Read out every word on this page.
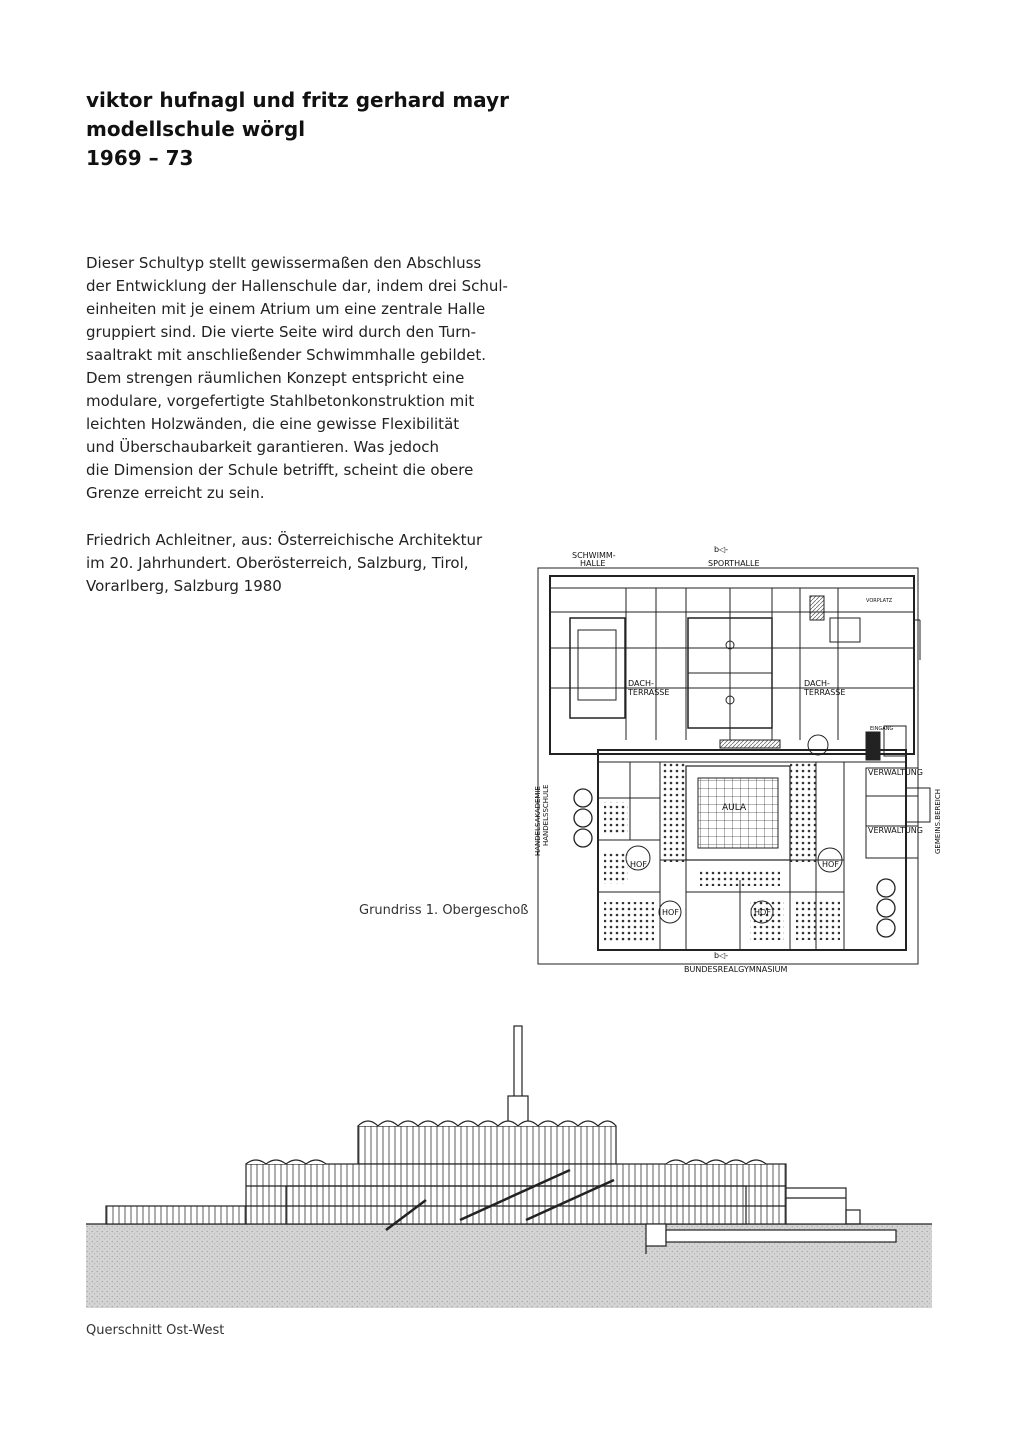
viktor hufnagl und fritz gerhard mayr
modellschule wörgl
1969 – 73

Dieser Schultyp stellt gewissermaßen den Abschluss
der Entwicklung der Hallenschule dar, indem drei Schul-
einheiten mit je einem Atrium um eine zentrale Halle
gruppiert sind. Die vierte Seite wird durch den Turn-
saaltrakt mit anschließender Schwimmhalle gebildet.
Dem strengen räumlichen Konzept entspricht eine
modulare, vorgefertigte Stahlbetonkonstruktion mit
leichten Holzwänden, die eine gewisse Flexibilität
und Überschaubarkeit garantieren. Was jedoch
die Dimension der Schule betrifft, scheint die obere
Grenze erreicht zu sein.

Friedrich Achleitner, aus: Österreichische Architektur
im 20. Jahrhundert. Oberösterreich, Salzburg, Tirol,
Vorarlberg, Salzburg 1980

SCHWIMM-
HALLE	SPORTHALLE
b◁-
DACH-
TERRASSE
DACH-
TERRASSE
VORPLATZ
EINGANG
AULA
VERWALTUNG
VERWALTUNG
HOF	HOF
HOF	HOF
BUNDESREALGYMNASIUM
b◁-
HANDELSAKADEMIE HANDELSSCHULE	GEMEINS.BEREICH
Grundriss 1. Obergeschoß
Querschnitt Ost-West
